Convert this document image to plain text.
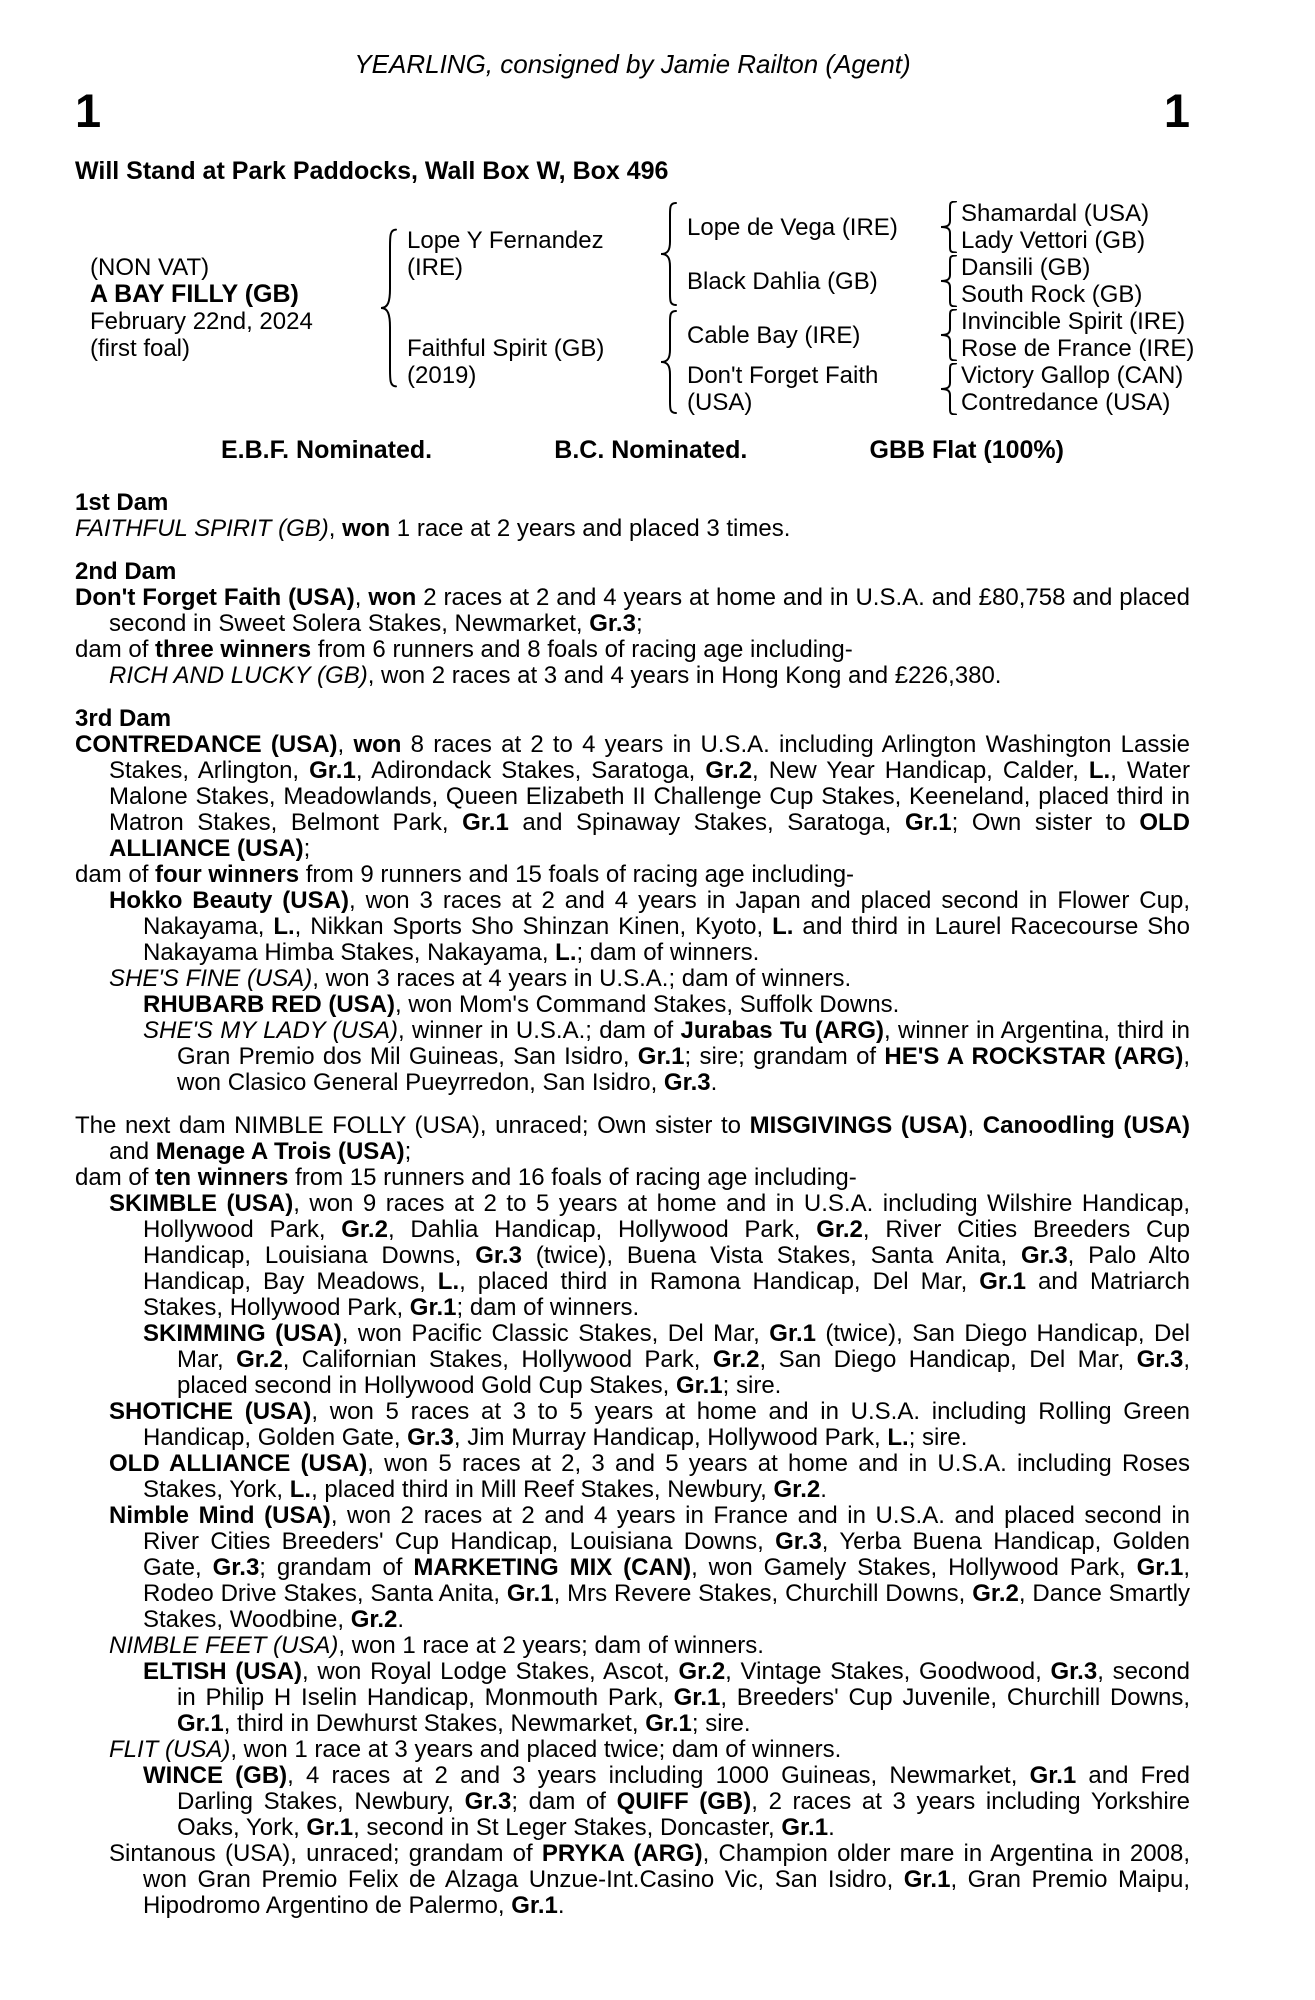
YEARLING, consigned by Jamie Railton (Agent)
1	1
Will Stand at Park Paddocks, Wall Box W, Box 496
(NON VAT)
A BAY FILLY (GB)
February 22nd, 2024
(first foal)
Lope Y Fernandez
(IRE)
Faithful Spirit (GB)
(2019)
Lope de Vega (IRE)
Black Dahlia (GB)
Cable Bay (IRE)
Don't Forget Faith
(USA)
Shamardal (USA)
Lady Vettori (GB)
Dansili (GB)
South Rock (GB)
Invincible Spirit (IRE)
Rose de France (IRE)
Victory Gallop (CAN)
Contredance (USA)
E.B.F. Nominated.	B.C. Nominated.	GBB Flat (100%)
1st Dam
FAITHFUL SPIRIT (GB), won 1 race at 2 years and placed 3 times.
2nd Dam
Don't Forget Faith (USA), won 2 races at 2 and 4 years at home and in U.S.A. and £80,758 and placed second in Sweet Solera Stakes, Newmarket, Gr.3;
dam of three winners from 6 runners and 8 foals of racing age including-
RICH AND LUCKY (GB), won 2 races at 3 and 4 years in Hong Kong and £226,380.
3rd Dam
CONTREDANCE (USA), won 8 races at 2 to 4 years in U.S.A. including Arlington Washington Lassie Stakes, Arlington, Gr.1, Adirondack Stakes, Saratoga, Gr.2, New Year Handicap, Calder, L., Water Malone Stakes, Meadowlands, Queen Elizabeth II Challenge Cup Stakes, Keeneland, placed third in Matron Stakes, Belmont Park, Gr.1 and Spinaway Stakes, Saratoga, Gr.1; Own sister to OLD ALLIANCE (USA);
dam of four winners from 9 runners and 15 foals of racing age including-
Hokko Beauty (USA), won 3 races at 2 and 4 years in Japan and placed second in Flower Cup, Nakayama, L., Nikkan Sports Sho Shinzan Kinen, Kyoto, L. and third in Laurel Racecourse Sho Nakayama Himba Stakes, Nakayama, L.; dam of winners.
SHE'S FINE (USA), won 3 races at 4 years in U.S.A.; dam of winners.
RHUBARB RED (USA), won Mom's Command Stakes, Suffolk Downs.
SHE'S MY LADY (USA), winner in U.S.A.; dam of Jurabas Tu (ARG), winner in Argentina, third in Gran Premio dos Mil Guineas, San Isidro, Gr.1; sire; grandam of HE'S A ROCKSTAR (ARG), won Clasico General Pueyrredon, San Isidro, Gr.3.
The next dam NIMBLE FOLLY (USA), unraced; Own sister to MISGIVINGS (USA), Canoodling (USA) and Menage A Trois (USA);
dam of ten winners from 15 runners and 16 foals of racing age including-
SKIMBLE (USA), won 9 races at 2 to 5 years at home and in U.S.A. including Wilshire Handicap, Hollywood Park, Gr.2, Dahlia Handicap, Hollywood Park, Gr.2, River Cities Breeders Cup Handicap, Louisiana Downs, Gr.3 (twice), Buena Vista Stakes, Santa Anita, Gr.3, Palo Alto Handicap, Bay Meadows, L., placed third in Ramona Handicap, Del Mar, Gr.1 and Matriarch Stakes, Hollywood Park, Gr.1; dam of winners.
SKIMMING (USA), won Pacific Classic Stakes, Del Mar, Gr.1 (twice), San Diego Handicap, Del Mar, Gr.2, Californian Stakes, Hollywood Park, Gr.2, San Diego Handicap, Del Mar, Gr.3, placed second in Hollywood Gold Cup Stakes, Gr.1; sire.
SHOTICHE (USA), won 5 races at 3 to 5 years at home and in U.S.A. including Rolling Green Handicap, Golden Gate, Gr.3, Jim Murray Handicap, Hollywood Park, L.; sire.
OLD ALLIANCE (USA), won 5 races at 2, 3 and 5 years at home and in U.S.A. including Roses Stakes, York, L., placed third in Mill Reef Stakes, Newbury, Gr.2.
Nimble Mind (USA), won 2 races at 2 and 4 years in France and in U.S.A. and placed second in River Cities Breeders' Cup Handicap, Louisiana Downs, Gr.3, Yerba Buena Handicap, Golden Gate, Gr.3; grandam of MARKETING MIX (CAN), won Gamely Stakes, Hollywood Park, Gr.1, Rodeo Drive Stakes, Santa Anita, Gr.1, Mrs Revere Stakes, Churchill Downs, Gr.2, Dance Smartly Stakes, Woodbine, Gr.2.
NIMBLE FEET (USA), won 1 race at 2 years; dam of winners.
ELTISH (USA), won Royal Lodge Stakes, Ascot, Gr.2, Vintage Stakes, Goodwood, Gr.3, second in Philip H Iselin Handicap, Monmouth Park, Gr.1, Breeders' Cup Juvenile, Churchill Downs, Gr.1, third in Dewhurst Stakes, Newmarket, Gr.1; sire.
FLIT (USA), won 1 race at 3 years and placed twice; dam of winners.
WINCE (GB), 4 races at 2 and 3 years including 1000 Guineas, Newmarket, Gr.1 and Fred Darling Stakes, Newbury, Gr.3; dam of QUIFF (GB), 2 races at 3 years including Yorkshire Oaks, York, Gr.1, second in St Leger Stakes, Doncaster, Gr.1.
Sintanous (USA), unraced; grandam of PRYKA (ARG), Champion older mare in Argentina in 2008, won Gran Premio Felix de Alzaga Unzue-Int.Casino Vic, San Isidro, Gr.1, Gran Premio Maipu, Hipodromo Argentino de Palermo, Gr.1.
